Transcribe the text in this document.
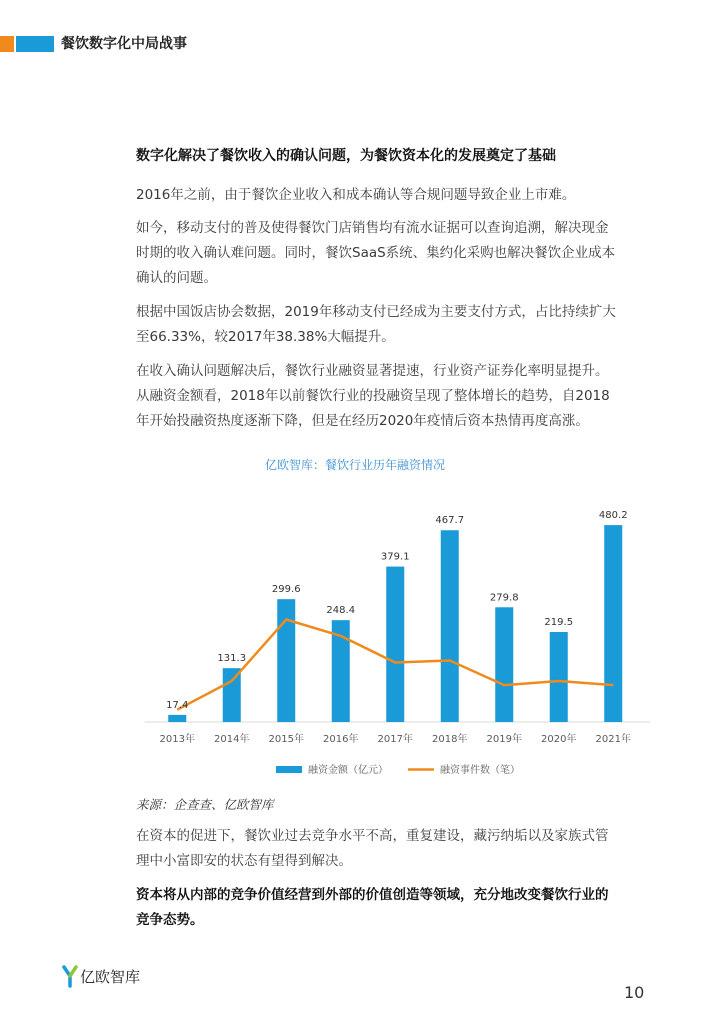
餐饮数字化中局战事
数字化解决了餐饮收入的确认问题，为餐饮资本化的发展奠定了基础
2016年之前，由于餐饮企业收入和成本确认等合规问题导致企业上市难。
如今，移动支付的普及使得餐饮门店销售均有流水证据可以查询追溯，解决现金
时期的收入确认难问题。同时，餐饮SaaS系统、集约化采购也解决餐饮企业成本
确认的问题。
根据中国饭店协会数据，2019年移动支付已经成为主要支付方式，占比持续扩大
至66.33%，较2017年38.38%大幅提升。
在收入确认问题解决后，餐饮行业融资显著提速，行业资产证券化率明显提升。
从融资金额看，2018年以前餐饮行业的投融资呈现了整体增长的趋势，自2018
年开始投融资热度逐渐下降，但是在经历2020年疫情后资本热情再度高涨。
亿欧智库：餐饮行业历年融资情况
17.4
131.3
299.6
248.4
379.1
467.7
279.8
219.5
480.2
2013年 2014年 2015年 2016年 2017年 2018年 2019年 2020年 2021年
融资金额（亿元）	融资事件数（笔）
来源：企查查、亿欧智库
在资本的促进下，餐饮业过去竞争水平不高，重复建设，藏污纳垢以及家族式管
理中小富即安的状态有望得到解决。
资本将从内部的竞争价值经营到外部的价值创造等领域，充分地改变餐饮行业的
竞争态势。
亿欧智库
10
